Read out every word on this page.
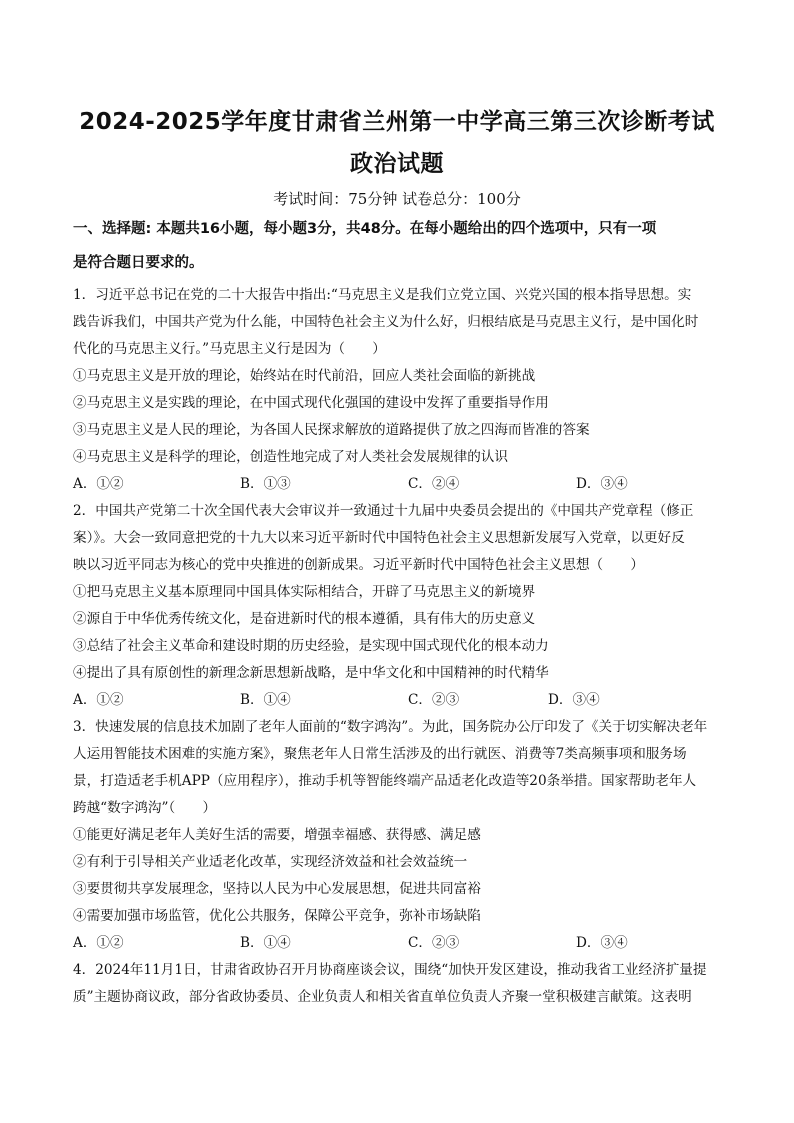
2024-2025学年度甘肃省兰州第一中学高三第三次诊断考试
政治试题
考试时间：75分钟 试卷总分：100分
一、选择题: 本题共16小题，每小题3分，共48分。在每小题给出的四个选项中，只有一项
是符合题日要求的。
1．习近平总书记在党的二十大报告中指出:“马克思主义是我们立党立国、兴党兴国的根本指导思想。实
践告诉我们，中国共产党为什么能，中国特色社会主义为什么好，归根结底是马克思主义行，是中国化时
代化的马克思主义行。”马克思主义行是因为（　　）
①马克思主义是开放的理论，始终站在时代前沿，回应人类社会面临的新挑战
②马克思主义是实践的理论，在中国式现代化强国的建设中发挥了重要指导作用
③马克思主义是人民的理论，为各国人民探求解放的道路提供了放之四海而皆准的答案
④马克思主义是科学的理论，创造性地完成了对人类社会发展规律的认识
A．①②	B．①③	C．②④	D．③④
2．中国共产党第二十次全国代表大会审议并一致通过十九届中央委员会提出的《中国共产党章程（修正
案）》。大会一致同意把党的十九大以来习近平新时代中国特色社会主义思想新发展写入党章，以更好反
映以习近平同志为核心的党中央推进的创新成果。习近平新时代中国特色社会主义思想（　　）
①把马克思主义基本原理同中国具体实际相结合，开辟了马克思主义的新境界
②源自于中华优秀传统文化，是奋进新时代的根本遵循，具有伟大的历史意义
③总结了社会主义革命和建设时期的历史经验，是实现中国式现代化的根本动力
④提出了具有原创性的新理念新思想新战略，是中华文化和中国精神的时代精华
A．①②	B．①④	C．②③	D．③④
3．快速发展的信息技术加剧了老年人面前的“数字鸿沟”。为此，国务院办公厅印发了《关于切实解决老年
人运用智能技术困难的实施方案》，聚焦老年人日常生活涉及的出行就医、消费等7类高频事项和服务场
景，打造适老手机APP（应用程序），推动手机等智能终端产品适老化改造等20条举措。国家帮助老年人
跨越“数字鸿沟”（　　）
①能更好满足老年人美好生活的需要，增强幸福感、获得感、满足感
②有利于引导相关产业适老化改革，实现经济效益和社会效益统一
③要贯彻共享发展理念，坚持以人民为中心发展思想，促进共同富裕
④需要加强市场监管，优化公共服务，保障公平竞争，弥补市场缺陷
A．①②	B．①④	C．②③	D．③④
4．2024年11月1日，甘肃省政协召开月协商座谈会议，围绕“加快开发区建设，推动我省工业经济扩量提
质”主题协商议政，部分省政协委员、企业负责人和相关省直单位负责人齐聚一堂积极建言献策。这表明
